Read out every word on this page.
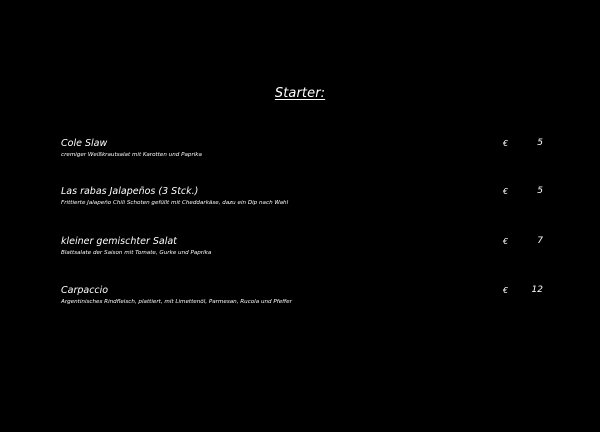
Starter:
Cole Slaw
cremiger Weißkrautsalat mit Karotten und Paprika
€	5
Las rabas Jalapeños (3 Stck.)
Frittierte Jalapeño Chili Schoten gefüllt mit Cheddarkäse, dazu ein Dip nach Wahl
€	5
kleiner gemischter Salat
Blattsalate der Saison mit Tomate, Gurke und Paprika
€	7
Carpaccio
Argentinisches Rindfleisch, plattiert, mit Limettenöl, Parmesan, Rucola und Pfeffer
€	12
